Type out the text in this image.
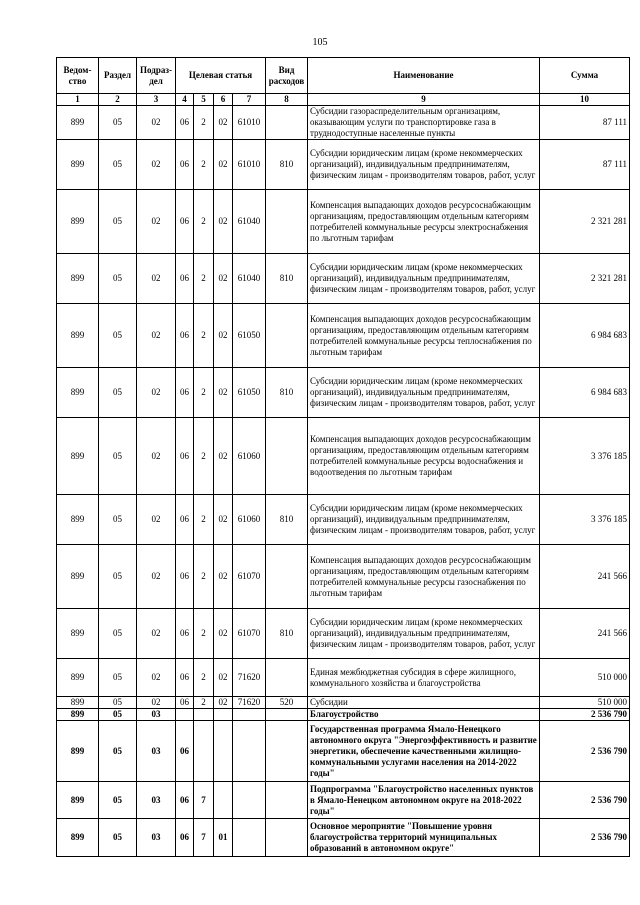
105
Ведом-ство	Раздел	Подраз-дел	Целевая статья				Вид расходов	Наименование	Сумма
1	2	3	4	5	6	7	8	9	10
899	05	02	06	2	02	61010		Субсидии газораспределительным организациям, оказывающим услуги по транспортировке газа в труднодоступные населенные пункты	87 111
899	05	02	06	2	02	61010	810	Субсидии юридическим лицам (кроме некоммерческих организаций), индивидуальным предпринимателям, физическим лицам - производителям товаров, работ, услуг	87 111
899	05	02	06	2	02	61040		Компенсация выпадающих доходов ресурсоснабжающим организациям, предоставляющим отдельным категориям потребителей коммунальные ресурсы электроснабжения по льготным тарифам	2 321 281
899	05	02	06	2	02	61040	810	Субсидии юридическим лицам (кроме некоммерческих организаций), индивидуальным предпринимателям, физическим лицам - производителям товаров, работ, услуг	2 321 281
899	05	02	06	2	02	61050		Компенсация выпадающих доходов ресурсоснабжающим организациям, предоставляющим отдельным категориям потребителей коммунальные ресурсы теплоснабжения по льготным тарифам	6 984 683
899	05	02	06	2	02	61050	810	Субсидии юридическим лицам (кроме некоммерческих организаций), индивидуальным предпринимателям, физическим лицам - производителям товаров, работ, услуг	6 984 683
899	05	02	06	2	02	61060		Компенсация выпадающих доходов ресурсоснабжающим организациям, предоставляющим отдельным категориям потребителей коммунальные ресурсы водоснабжения и водоотведения по льготным тарифам	3 376 185
899	05	02	06	2	02	61060	810	Субсидии юридическим лицам (кроме некоммерческих организаций), индивидуальным предпринимателям, физическим лицам - производителям товаров, работ, услуг	3 376 185
899	05	02	06	2	02	61070		Компенсация выпадающих доходов ресурсоснабжающим организациям, предоставляющим отдельным категориям потребителей коммунальные ресурсы газоснабжения по льготным тарифам	241 566
899	05	02	06	2	02	61070	810	Субсидии юридическим лицам (кроме некоммерческих организаций), индивидуальным предпринимателям, физическим лицам - производителям товаров, работ, услуг	241 566
899	05	02	06	2	02	71620		Единая межбюджетная субсидия в сфере жилищного, коммунального хозяйства и благоустройства	510 000
899	05	02	06	2	02	71620	520	Субсидии	510 000
899	05	03						Благоустройство	2 536 790
899	05	03	06					Государственная программа Ямало-Ненецкого автономного округа "Энергоэффективность и развитие энергетики, обеспечение качественными жилищно-коммунальными услугами населения на 2014-2022 годы"	2 536 790
899	05	03	06	7				Подпрограмма "Благоустройство населенных пунктов в Ямало-Ненецком автономном округе на 2018-2022 годы"	2 536 790
899	05	03	06	7	01			Основное мероприятие "Повышение уровня благоустройства территорий муниципальных образований в автономном округе"	2 536 790
